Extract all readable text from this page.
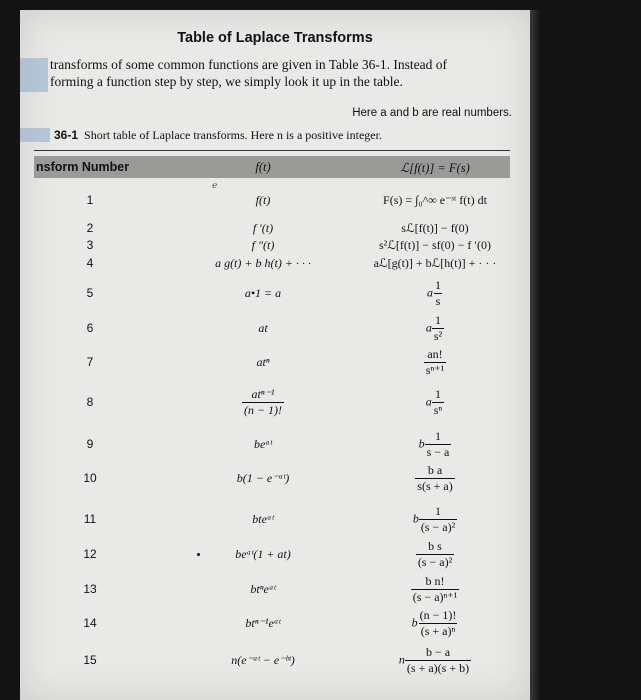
Table of Laplace Transforms
transforms of some common functions are given in Table 36-1. Instead of
forming a function step by step, we simply look it up in the table.
Here a and b are real numbers.
36-1 Short table of Laplace transforms. Here n is a positive integer.
nsform Number	f(t)	ℒ[f(t)] = F(s)
ℯ
1	f(t)	F(s) = ∫₀^∞ e⁻ˢᵗ f(t) dt
2	f ′(t)	sℒ[f(t)] − f(0)
3	f ″(t)	s²ℒ[f(t)] − sf(0) − f ′(0)
4	a g(t) + b h(t) + · · ·	aℒ[g(t)] + bℒ[h(t)] + · · ·
5	a•1 = a	a $\frac{1}{s}$
6	at	a $\frac{1}{\text{s²}}$
7	atⁿ	$\frac{an!}{\text{sⁿ⁺¹}}$
8	$\frac{\text{atⁿ⁻¹}}{(n - 1)!}$	a $\frac{1}{\text{sⁿ}}$
9	beᵃᵗ	b $\frac{1}{s - a}$
10	b(1 − e⁻ᵃᵗ)	$\frac{\text{b a}}{s(s + a)}$
11	bteᵃᵗ	b $\frac{1}{\text{(s − a)²}}$
12	beᵃᵗ(1 + at)	$\frac{\text{b s}}{\text{(s − a)²}}$
13	btⁿeᵃᵗ	$\frac{\text{b n!}}{\text{(s − a)ⁿ⁺¹}}$
14	btⁿ⁻¹eᵃᵗ	b $\frac{(n - 1)!}{\text{(s + a)ⁿ}}$
15	n(e⁻ᵃᵗ − e⁻ᵇᵗ)	n $\frac{b - a}{(s + a)(s + b)}$
